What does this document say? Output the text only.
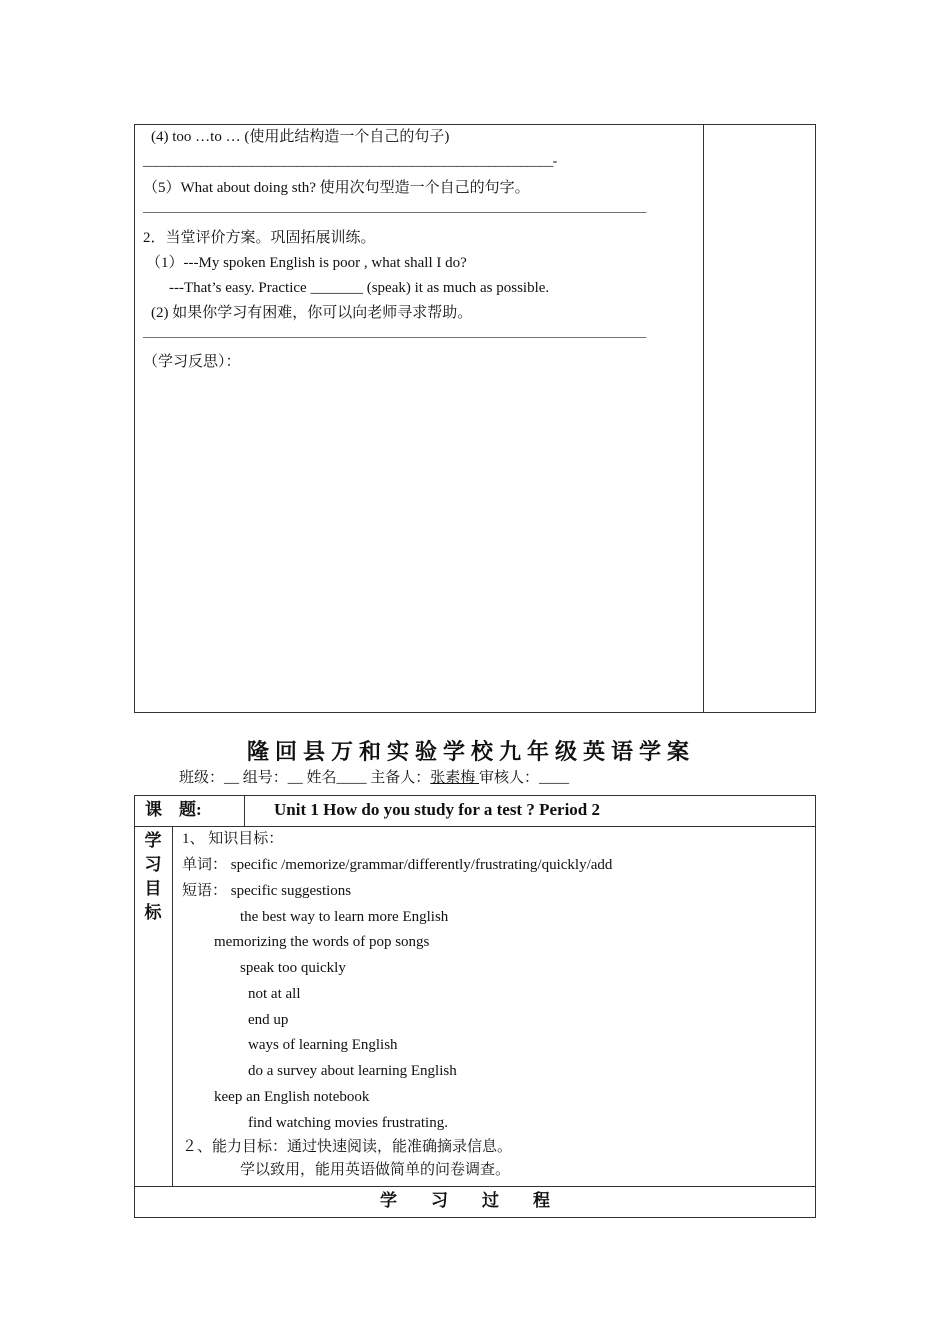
(4) too …to … (使用此结构造一个自己的句子)
________________________________________________________________-
（5）What about doing sth? 使用次句型造一个自己的句字。
———————————————————————————————————————————
2．当堂评价方案。巩固拓展训练。
（1）---My spoken English is poor , what shall I do?
---That’s easy. Practice _______ (speak) it as much as possible.
(2) 如果你学习有困难，你可以向老师寻求帮助。
———————————————————————————————————————————
（学习反思）：
隆回县万和实验学校九年级英语学案
班级：__ 组号：__ 姓名____ 主备人：张素梅 审核人：____
课　题:	Unit 1 How do you study for a test ? Period 2
学
习
目
标
1、 知识目标：
单词： specific /memorize/grammar/differently/frustrating/quickly/add
短语： specific suggestions
the best way to learn more English
memorizing the words of pop songs
speak too quickly
not at all
end up
ways of learning English
do a survey about learning English
keep an English notebook
find watching movies frustrating.
２、能力目标：通过快速阅读，能准确摘录信息。
学以致用，能用英语做简单的问卷调查。
学　　习　　过　　程
